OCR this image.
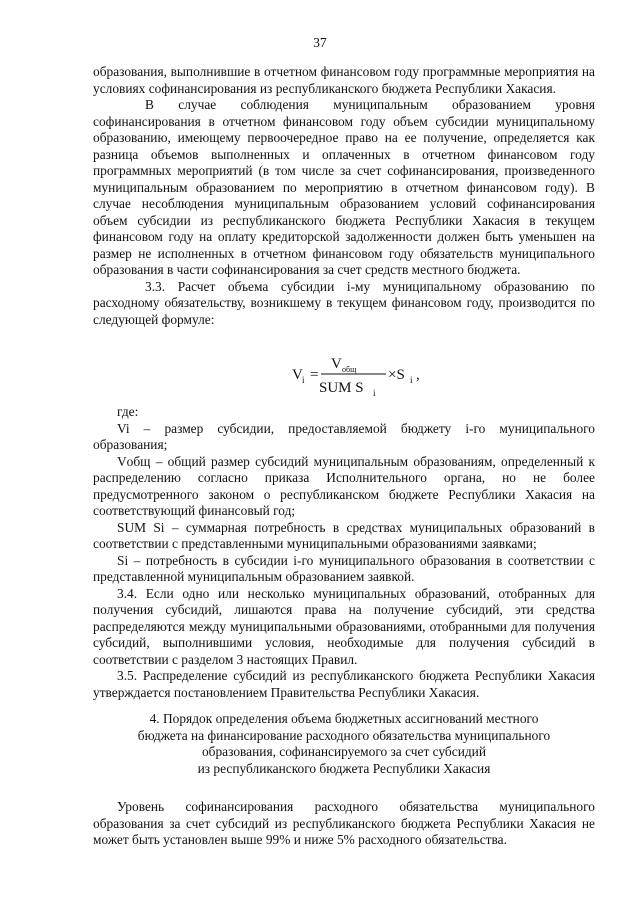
37

образования, выполнившие в отчетном финансовом году программные мероприятия на условиях софинансирования из республиканского бюджета Республики Хакасия.

В случае соблюдения муниципальным образованием уровня софинансирования в отчетном финансовом году объем субсидии муниципальному образованию, имеющему первоочередное право на ее получение, определяется как разница объемов выполненных и оплаченных в отчетном финансовом году программных мероприятий (в том числе за счет софинансирования, произведенного муниципальным образованием по мероприятию в отчетном финансовом году). В случае несоблюдения муниципальным образованием условий софинансирования объем субсидии из республиканского бюджета Республики Хакасия в текущем финансовом году на оплату кредиторской задолженности должен быть уменьшен на размер не исполненных в отчетном финансовом году обязательств муниципального образования в части софинансирования за счет средств местного бюджета.

3.3. Расчет объема субсидии i-му муниципальному образованию по расходному обязательству, возникшему в текущем финансовом году, производится по следующей формуле:

V i =
V общ
SUM S i
×S i ,

где:

Vi – размер субсидии, предоставляемой бюджету i-го муниципального образования;

Vобщ – общий размер субсидий муниципальным образованиям, определенный к распределению согласно приказа Исполнительного органа, но не более предусмотренного законом о республиканском бюджете Республики Хакасия на соответствующий финансовый год;

SUM Si – суммарная потребность в средствах муниципальных образований в соответствии с представленными муниципальными образованиями заявками;

Si – потребность в субсидии i-го муниципального образования в соответствии с представленной муниципальным образованием заявкой.

3.4. Если одно или несколько муниципальных образований, отобранных для получения субсидий, лишаются права на получение субсидий, эти средства распределяются между муниципальными образованиями, отобранными для получения субсидий, выполнившими условия, необходимые для получения субсидий в соответствии с разделом 3 настоящих Правил.

3.5. Распределение субсидий из республиканского бюджета Республики Хакасия утверждается постановлением Правительства Республики Хакасия.

4. Порядок определения объема бюджетных ассигнований местного

бюджета на финансирование расходного обязательства муниципального

образования, софинансируемого за счет субсидий

из республиканского бюджета Республики Хакасия

Уровень софинансирования расходного обязательства муниципального образования за счет субсидий из республиканского бюджета Республики Хакасия не может быть установлен выше 99% и ниже 5% расходного обязательства.
